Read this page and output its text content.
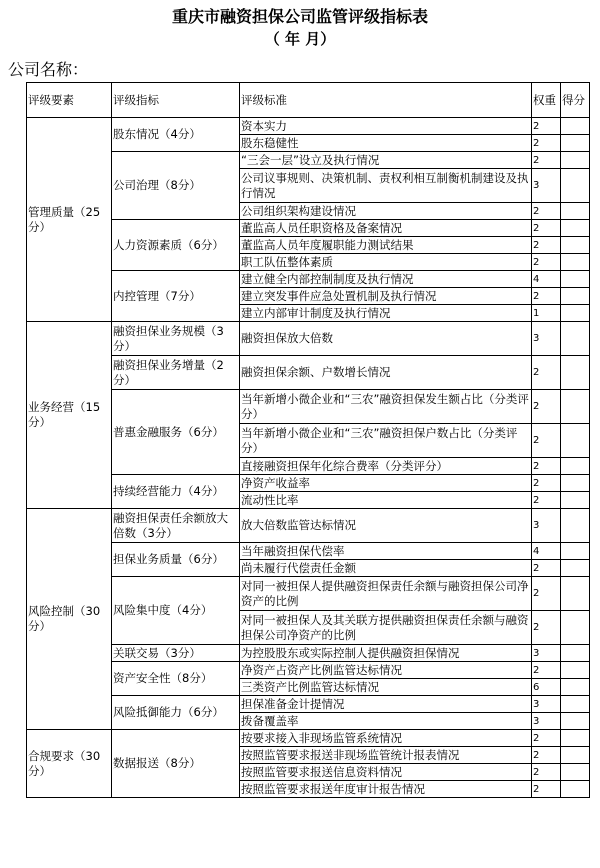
重庆市融资担保公司监管评级指标表
（ 年 月）
公司名称：
评级要素	评级指标	评级标准	权重	得分
管理质量（25分）	股东情况（4分）	资本实力	2	
		股东稳健性	2	
	公司治理（8分）	“三会一层”设立及执行情况	2	
		公司议事规则、决策机制、责权利相互制衡机制建设及执行情况	3	
		公司组织架构建设情况	2	
	人力资源素质（6分）	董监高人员任职资格及备案情况	2	
		董监高人员年度履职能力测试结果	2	
		职工队伍整体素质	2	
	内控管理（7分）	建立健全内部控制制度及执行情况	4	
		建立突发事件应急处置机制及执行情况	2	
		建立内部审计制度及执行情况	1	
业务经营（15分）	融资担保业务规模（3分）	融资担保放大倍数	3	
	融资担保业务增量（2分）	融资担保余额、户数增长情况	2	
	普惠金融服务（6分）	当年新增小微企业和“三农”融资担保发生额占比（分类评分）	2	
		当年新增小微企业和“三农”融资担保户数占比（分类评分）	2	
		直接融资担保年化综合费率（分类评分）	2	
	持续经营能力（4分）	净资产收益率	2	
		流动性比率	2	
风险控制（30分）	融资担保责任余额放大倍数（3分）	放大倍数监管达标情况	3	
	担保业务质量（6分）	当年融资担保代偿率	4	
		尚未履行代偿责任金额	2	
	风险集中度（4分）	对同一被担保人提供融资担保责任余额与融资担保公司净资产的比例	2	
		对同一被担保人及其关联方提供融资担保责任余额与融资担保公司净资产的比例	2	
	关联交易（3分）	为控股股东或实际控制人提供融资担保情况	3	
	资产安全性（8分）	净资产占资产比例监管达标情况	2	
		三类资产比例监管达标情况	6	
	风险抵御能力（6分）	担保准备金计提情况	3	
		拨备覆盖率	3	
合规要求（30分）	数据报送（8分）	按要求接入非现场监管系统情况	2	
		按照监管要求报送非现场监管统计报表情况	2	
		按照监管要求报送信息资料情况	2	
		按照监管要求报送年度审计报告情况	2	
